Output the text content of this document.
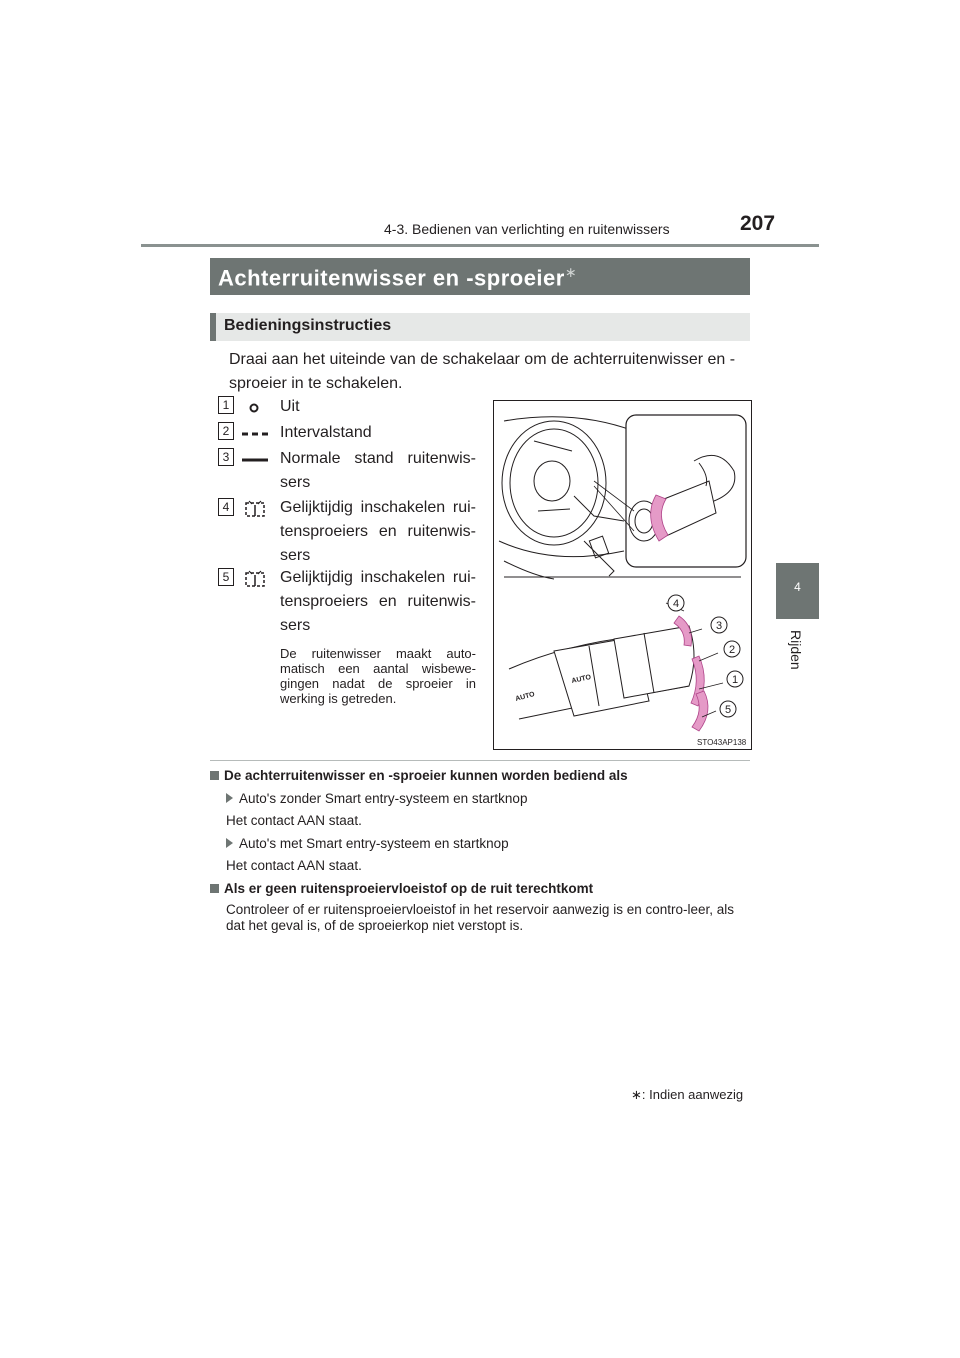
4-3. Bedienen van verlichting en ruitenwissers	207
4
Rijden
Achterruitenwisser en -sproeier∗
Bedieningsinstructies
Draai aan het uiteinde van de schakelaar om de achterruitenwisser en -sproeier in te schakelen.
1	Uit
2	Intervalstand
3	Normale stand ruitenwis-sers
4	Gelijktijdig inschakelen rui-tensproeiers en ruitenwis-sers
5	Gelijktijdig inschakelen rui-tensproeiers en ruitenwis-sers
De ruitenwisser maakt auto-matisch een aantal wisbewe-gingen nadat de sproeier in werking is getreden.
4
3
2
1
5
AUTO
AUTO
STO43AP138
De achterruitenwisser en -sproeier kunnen worden bediend als
Auto's zonder Smart entry-systeem en startknop
Het contact AAN staat.
Auto's met Smart entry-systeem en startknop
Het contact AAN staat.
Als er geen ruitensproeiervloeistof op de ruit terechtkomt
Controleer of er ruitensproeiervloeistof in het reservoir aanwezig is en contro-leer, als dat het geval is, of de sproeierkop niet verstopt is.
∗: Indien aanwezig
